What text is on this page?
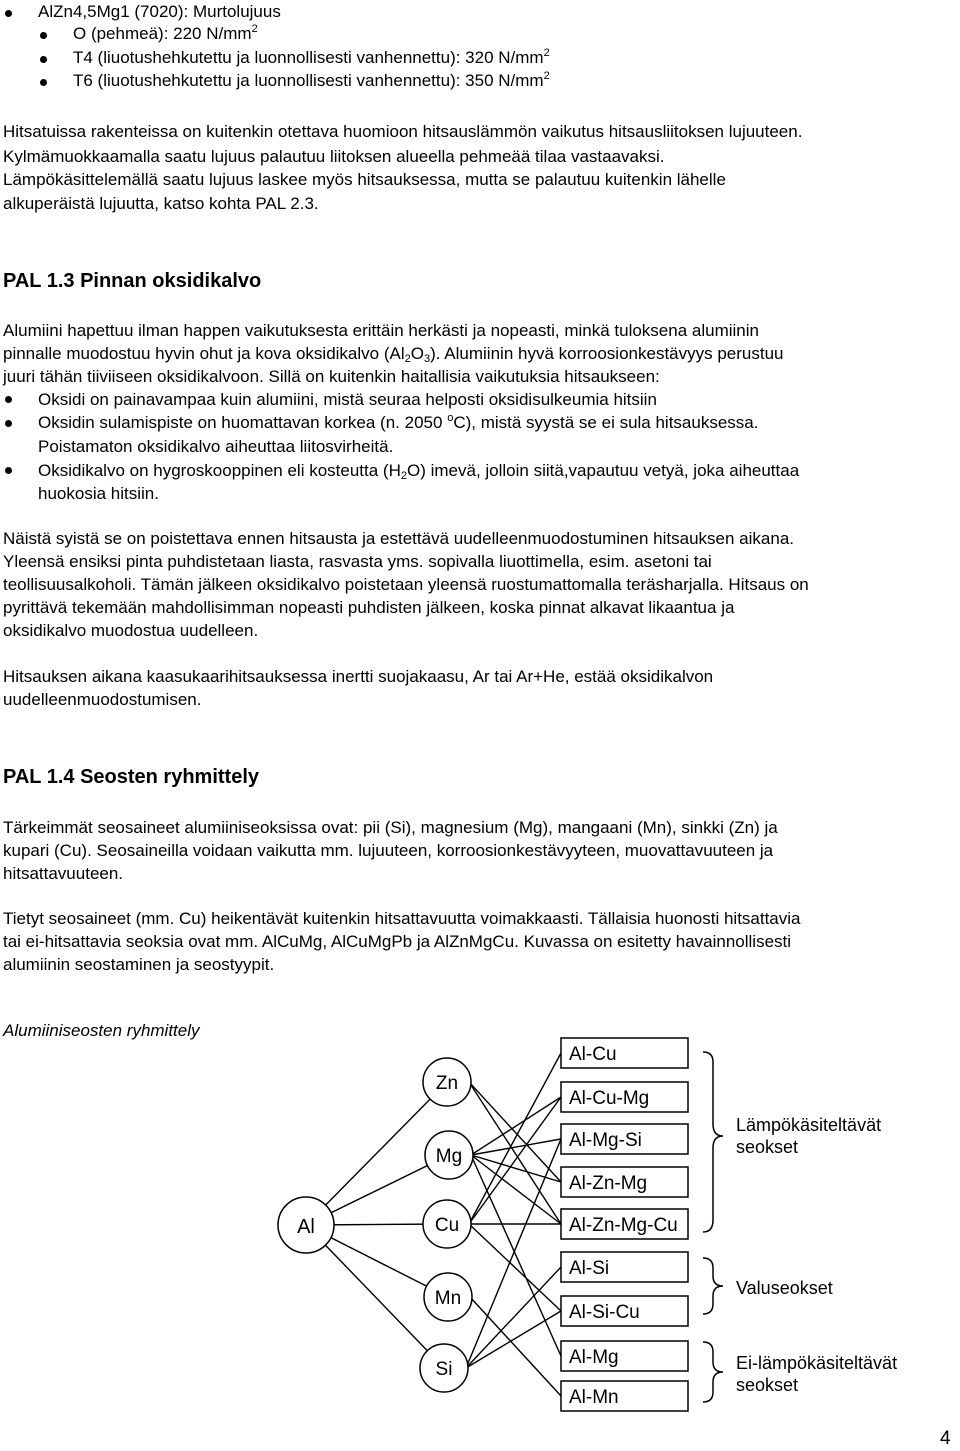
AlZn4,5Mg1 (7020): Murtolujuus
O (pehmeä): 220 $N/mm^2$
T4 (liuotushehkutettu ja luonnollisesti vanhennettu): 320 $N/mm^2$
T6 (liuotushehkutettu ja luonnollisesti vanhennettu): 350 $N/mm^2$
Hitsatuissa rakenteissa on kuitenkin otettava huomioon hitsauslämmön vaikutus hitsausliitoksen lujuuteen.
Kylmämuokkaamalla saatu lujuus palautuu liitoksen alueella pehmeää tilaa vastaavaksi.
Lämpökäsittelemällä saatu lujuus laskee myös hitsauksessa, mutta se palautuu kuitenkin lähelle
alkuperäistä lujuutta, katso kohta PAL 2.3.
PAL 1.3 Pinnan oksidikalvo
Alumiini hapettuu ilman happen vaikutuksesta erittäin herkästi ja nopeasti, minkä tuloksena alumiinin
pinnalle muodostuu hyvin ohut ja kova oksidikalvo $(Al_2O_3)$. Alumiinin hyvä korroosionkestävyys perustuu
juuri tähän tiiviiseen oksidikalvoon. Sillä on kuitenkin haitallisia vaikutuksia hitsaukseen:
Oksidi on painavampaa kuin alumiini, mistä seuraa helposti oksidisulkeumia hitsiin
Oksidin sulamispiste on huomattavan korkea (n. 2050 $^o$C), mistä syystä se ei sula hitsauksessa.
Poistamaton oksidikalvo aiheuttaa liitosvirheitä.
Oksidikalvo on hygroskooppinen eli kosteutta $(H_2O)$ imevä, jolloin siitä,vapautuu vetyä, joka aiheuttaa
huokosia hitsiin.
Näistä syistä se on poistettava ennen hitsausta ja estettävä uudelleenmuodostuminen hitsauksen aikana.
Yleensä ensiksi pinta puhdistetaan liasta, rasvasta yms. sopivalla liuottimella, esim. asetoni tai
teollisuusalkoholi. Tämän jälkeen oksidikalvo poistetaan yleensä ruostumattomalla teräsharjalla. Hitsaus on
pyrittävä tekemään mahdollisimman nopeasti puhdisten jälkeen, koska pinnat alkavat likaantua ja
oksidikalvo muodostua uudelleen.
Hitsauksen aikana kaasukaarihitsauksessa inertti suojakaasu, Ar tai Ar+He, estää oksidikalvon
uudelleenmuodostumisen.
PAL 1.4 Seosten ryhmittely
Tärkeimmät seosaineet alumiiniseoksissa ovat: pii (Si), magnesium (Mg), mangaani (Mn), sinkki (Zn) ja
kupari (Cu). Seosaineilla voidaan vaikutta mm. lujuuteen, korroosionkestävyyteen, muovattavuuteen ja
hitsattavuuteen.
Tietyt seosaineet (mm. Cu) heikentävät kuitenkin hitsattavuutta voimakkaasti. Tällaisia huonosti hitsattavia
tai ei-hitsattavia seoksia ovat mm. AlCuMg, AlCuMgPb ja AlZnMgCu. Kuvassa on esitetty havainnollisesti
alumiinin seostaminen ja seostyypit.
Alumiiniseosten ryhmittely
Al
Zn
Mg
Cu
Mn
Si
Al-Cu
Al-Cu-Mg
Al-Mg-Si
Al-Zn-Mg
Al-Zn-Mg-Cu
Al-Si
Al-Si-Cu
Al-Mg
Al-Mn
Lämpökäsiteltävät
seokset
Valuseokset
Ei-lämpökäsiteltävät
seokset
4
